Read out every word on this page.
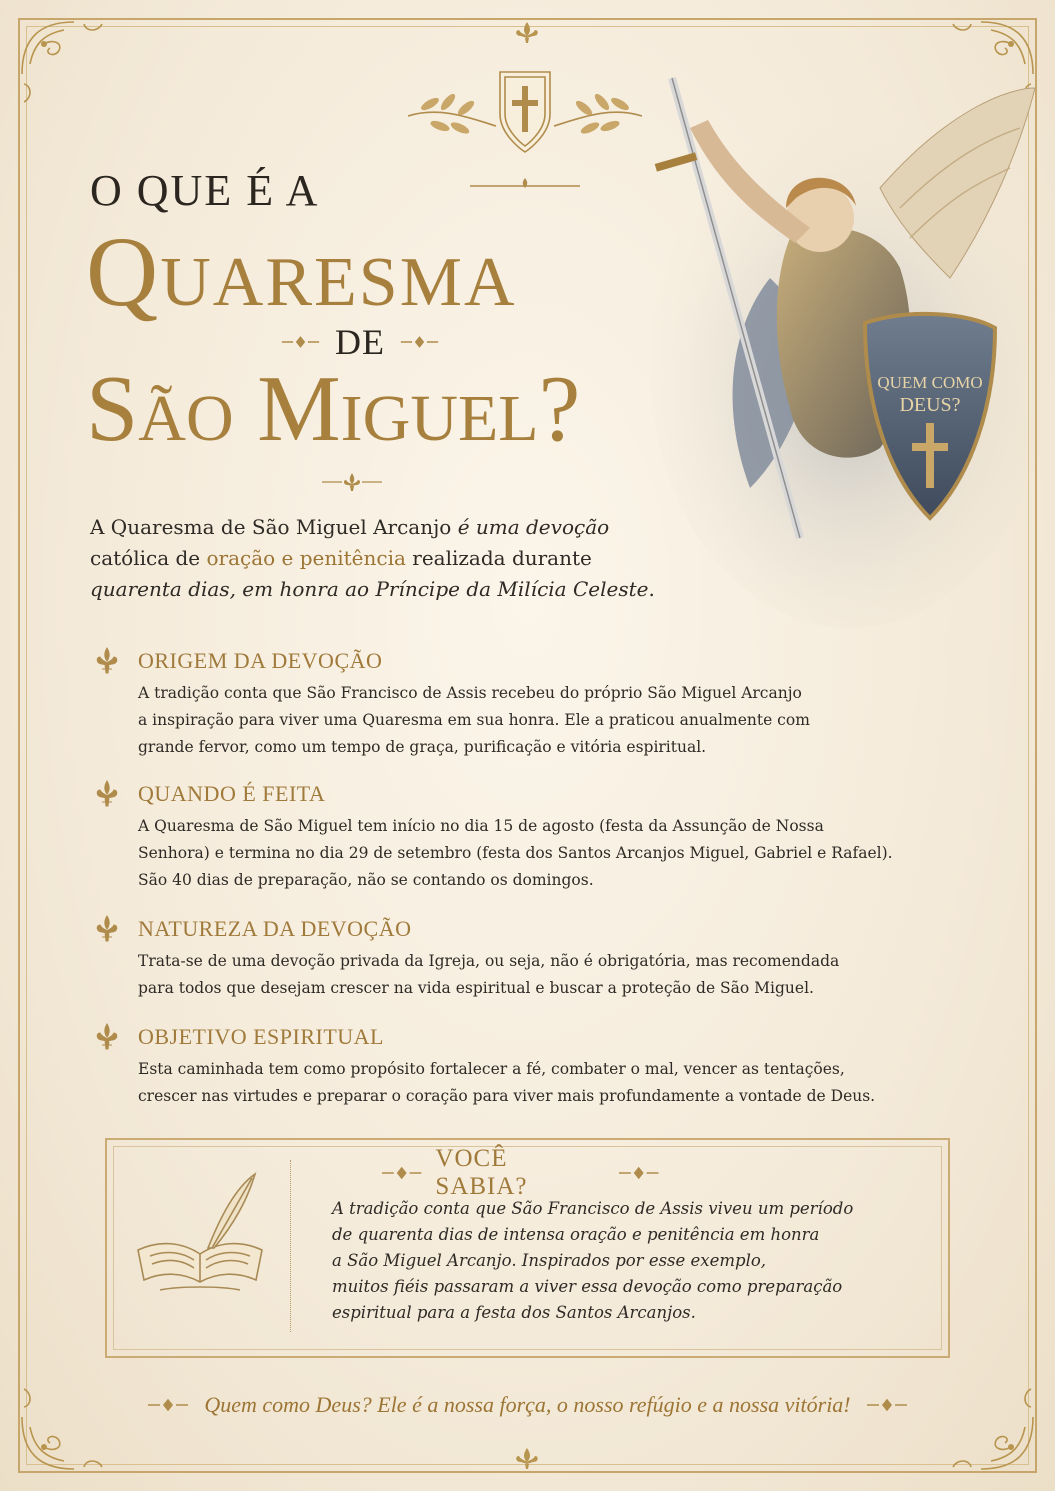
O QUE É A
Quaresma
DE
São Miguel?	QUEM COMO
DEUS?
A Quaresma de São Miguel Arcanjo é uma devoção católica de oração e penitência realizada durante
quarenta dias, em honra ao Príncipe da Milícia Celeste.
ORIGEM DA DEVOÇÃO
A tradição conta que São Francisco de Assis recebeu do próprio São Miguel Arcanjo
a inspiração para viver uma Quaresma em sua honra. Ele a praticou anualmente com
grande fervor, como um tempo de graça, purificação e vitória espiritual.
QUANDO É FEITA
A Quaresma de São Miguel tem início no dia 15 de agosto (festa da Assunção de Nossa
Senhora) e termina no dia 29 de setembro (festa dos Santos Arcanjos Miguel, Gabriel e Rafael).
São 40 dias de preparação, não se contando os domingos.
NATUREZA DA DEVOÇÃO
Trata-se de uma devoção privada da Igreja, ou seja, não é obrigatória, mas recomendada
para todos que desejam crescer na vida espiritual e buscar a proteção de São Miguel.
OBJETIVO ESPIRITUAL
Esta caminhada tem como propósito fortalecer a fé, combater o mal, vencer as tentações,
crescer nas virtudes e preparar o coração para viver mais profundamente a vontade de Deus.
VOCÊ SABIA?
A tradição conta que São Francisco de Assis viveu um período
de quarenta dias de intensa oração e penitência em honra
a São Miguel Arcanjo. Inspirados por esse exemplo,
muitos fiéis passaram a viver essa devoção como preparação
espiritual para a festa dos Santos Arcanjos.
Quem como Deus? Ele é a nossa força, o nosso refúgio e a nossa vitória!
